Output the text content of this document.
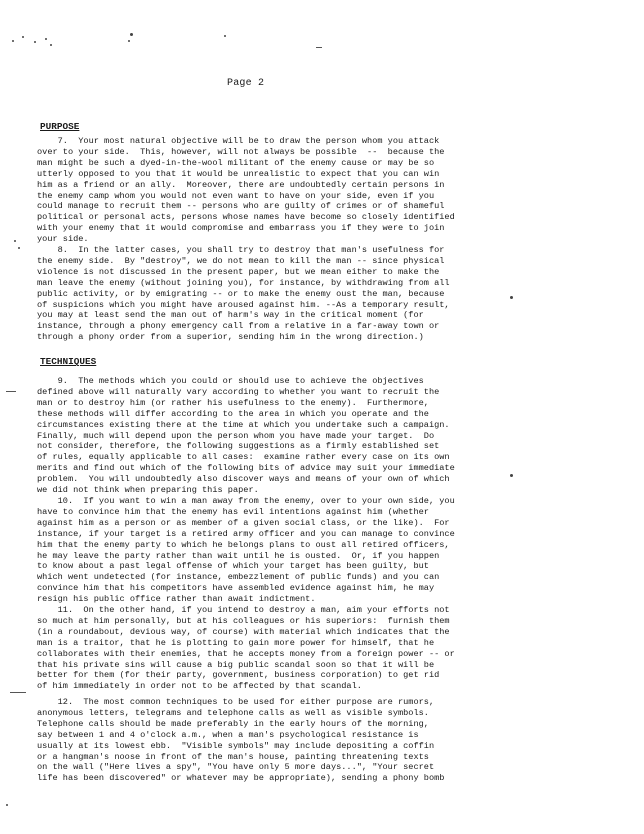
Page 2
PURPOSE
7.  Your most natural objective will be to draw the person whom you attack
over to your side.  This, however, will not always be possible  --  because the
man might be such a dyed-in-the-wool militant of the enemy cause or may be so
utterly opposed to you that it would be unrealistic to expect that you can win
him as a friend or an ally.  Moreover, there are undoubtedly certain persons in
the enemy camp whom you would not even want to have on your side, even if you
could manage to recruit them -- persons who are guilty of crimes or of shameful
political or personal acts, persons whose names have become so closely identified
with your enemy that it would compromise and embarrass you if they were to join
your side.
8.  In the latter cases, you shall try to destroy that man's usefulness for
the enemy side.  By "destroy", we do not mean to kill the man -- since physical
violence is not discussed in the present paper, but we mean either to make the
man leave the enemy (without joining you), for instance, by withdrawing from all
public activity, or by emigrating -- or to make the enemy oust the man, because
of suspicions which you might have aroused against him. --As a temporary result,
you may at least send the man out of harm's way in the critical moment (for
instance, through a phony emergency call from a relative in a far-away town or
through a phony order from a superior, sending him in the wrong direction.)
TECHNIQUES
9.  The methods which you could or should use to achieve the objectives
defined above will naturally vary according to whether you want to recruit the
man or to destroy him (or rather his usefulness to the enemy).  Furthermore,
these methods will differ according to the area in which you operate and the
circumstances existing there at the time at which you undertake such a campaign.
Finally, much will depend upon the person whom you have made your target.  Do
not consider, therefore, the following suggestions as a firmly established set
of rules, equally applicable to all cases:  examine rather every case on its own
merits and find out which of the following bits of advice may suit your immediate
problem.  You will undoubtedly also discover ways and means of your own of which
we did not think when preparing this paper.
10.  If you want to win a man away from the enemy, over to your own side, you
have to convince him that the enemy has evil intentions against him (whether
against him as a person or as member of a given social class, or the like).  For
instance, if your target is a retired army officer and you can manage to convince
him that the enemy party to which he belongs plans to oust all retired officers,
he may leave the party rather than wait until he is ousted.  Or, if you happen
to know about a past legal offense of which your target has been guilty, but
which went undetected (for instance, embezzlement of public funds) and you can
convince him that his competitors have assembled evidence against him, he may
resign his public office rather than await indictment.
11.  On the other hand, if you intend to destroy a man, aim your efforts not
so much at him personally, but at his colleagues or his superiors:  furnish them
(in a roundabout, devious way, of course) with material which indicates that the
man is a traitor, that he is plotting to gain more power for himself, that he
collaborates with their enemies, that he accepts money from a foreign power -- or
that his private sins will cause a big public scandal soon so that it will be
better for them (for their party, government, business corporation) to get rid
of him immediately in order not to be affected by that scandal.
12.  The most common techniques to be used for either purpose are rumors,
anonymous letters, telegrams and telephone calls as well as visible symbols.
Telephone calls should be made preferably in the early hours of the morning,
say between 1 and 4 o'clock a.m., when a man's psychological resistance is
usually at its lowest ebb.  "Visible symbols" may include depositing a coffin
or a hangman's noose in front of the man's house, painting threatening texts
on the wall ("Here lives a spy", "You have only 5 more days...", "Your secret
life has been discovered" or whatever may be appropriate), sending a phony bomb
